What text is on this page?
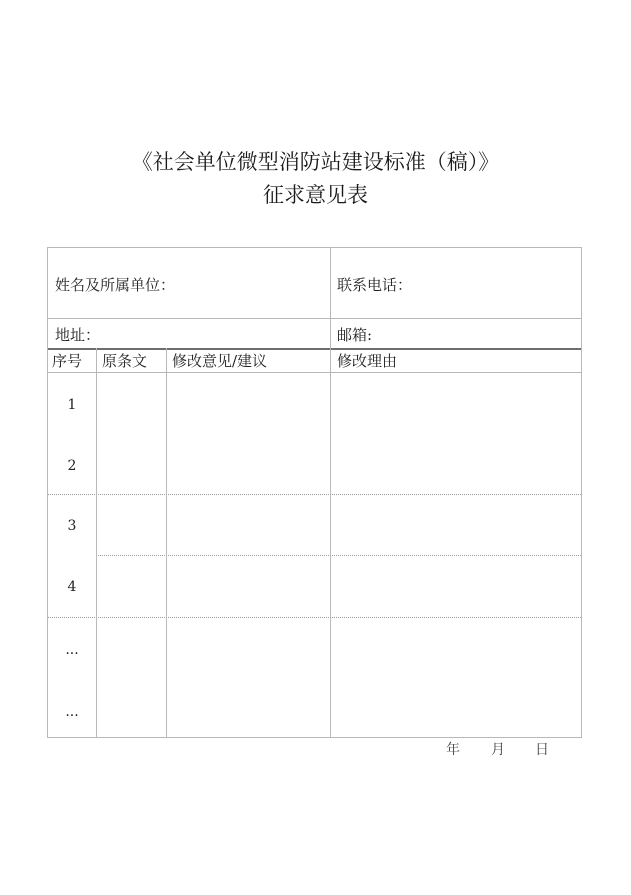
《社会单位微型消防站建设标准（稿）》
征求意见表
姓名及所属单位：	联系电话：
地址：	邮箱:
序号 原条文 修改意见/建议	修改理由
1
2
3
4
...
...
年 月 日
